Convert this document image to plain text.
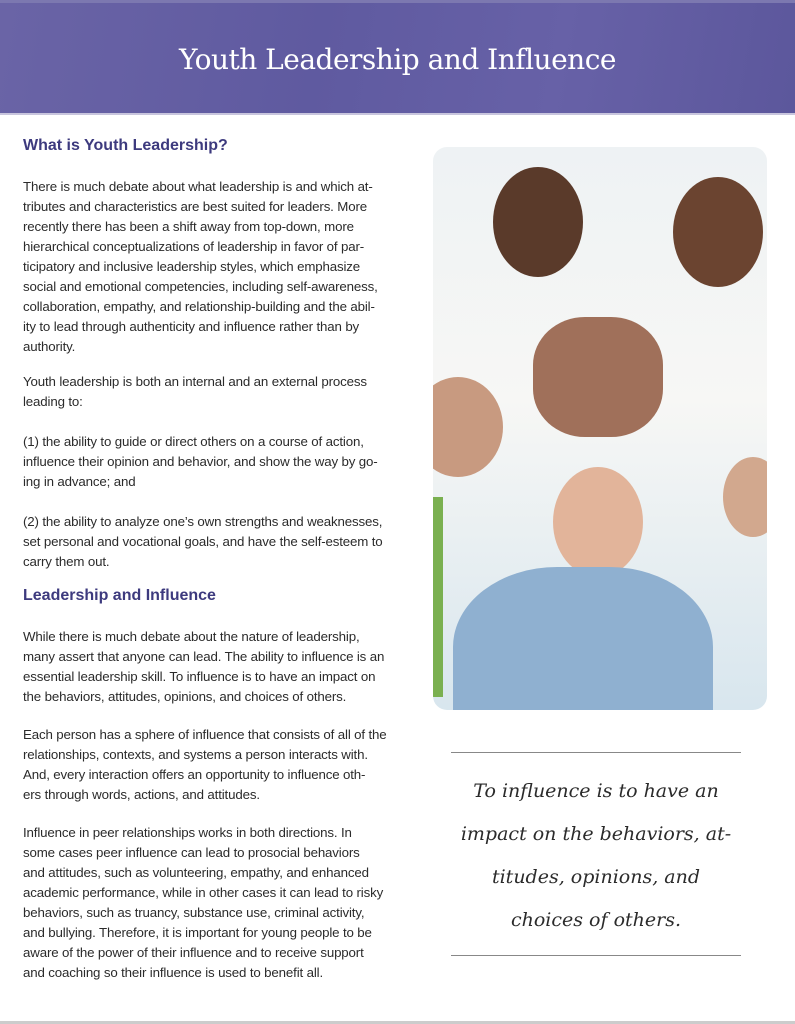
Youth Leadership and Influence
What is Youth Leadership?
There is much debate about what leadership is and which at-
tributes and characteristics are best suited for leaders. More
recently there has been a shift away from top-down, more
hierarchical conceptualizations of leadership in favor of par-
ticipatory and inclusive leadership styles, which emphasize
social and emotional competencies, including self-awareness,
collaboration, empathy, and relationship-building and the abil-
ity to lead through authenticity and influence rather than by
authority.
Youth leadership is both an internal and an external process
leading to:
(1) the ability to guide or direct others on a course of action,
influence their opinion and behavior, and show the way by go-
ing in advance; and
(2) the ability to analyze one’s own strengths and weaknesses,
set personal and vocational goals, and have the self-esteem to
carry them out.
Leadership and Influence
While there is much debate about the nature of leadership,
many assert that anyone can lead. The ability to influence is an
essential leadership skill. To influence is to have an impact on
the behaviors, attitudes, opinions, and choices of others.
Each person has a sphere of influence that consists of all of the
relationships, contexts, and systems a person interacts with.
And, every interaction offers an opportunity to influence oth-
ers through words, actions, and attitudes.
Influence in peer relationships works in both directions. In
some cases peer influence can lead to prosocial behaviors
and attitudes, such as volunteering, empathy, and enhanced
academic performance, while in other cases it can lead to risky
behaviors, such as truancy, substance use, criminal activity,
and bullying. Therefore, it is important for young people to be
aware of the power of their influence and to receive support
and coaching so their influence is used to benefit all.
To influence is to have an
impact on the behaviors, at-
titudes, opinions, and
choices of others.
